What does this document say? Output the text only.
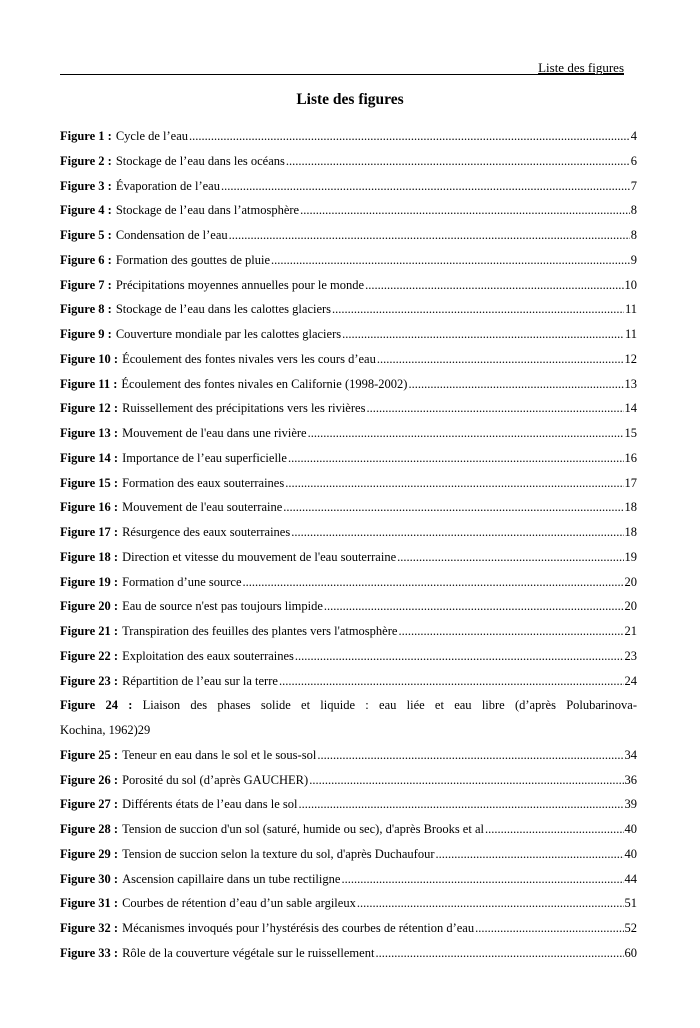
Liste des figures
Liste des figures
Figure 1 : Cycle de l’eau .....	4
Figure 2 : Stockage de l’eau dans les océans .....	6
Figure 3 : Évaporation de l’eau .....	7
Figure 4 : Stockage de l’eau dans l’atmosphère .....	8
Figure 5 : Condensation de l’eau .....	8
Figure 6 : Formation des gouttes de pluie .....	9
Figure 7 : Précipitations moyennes annuelles pour le monde .....	10
Figure 8 : Stockage de l’eau dans les calottes glaciers .....	11
Figure 9 : Couverture mondiale par les calottes glaciers .....	11
Figure 10 : Écoulement des fontes nivales vers les cours d’eau .....	12
Figure 11 : Écoulement des fontes nivales en Californie (1998-2002) .....	13
Figure 12 : Ruissellement des précipitations vers les rivières .....	14
Figure 13 : Mouvement de l'eau dans une rivière .....	15
Figure 14 : Importance de l’eau superficielle .....	16
Figure 15 : Formation des eaux souterraines .....	17
Figure 16 : Mouvement de l'eau souterraine .....	18
Figure 17 : Résurgence des eaux souterraines .....	18
Figure 18 : Direction et vitesse du mouvement de l'eau souterraine .....	19
Figure 19 : Formation d’une source .....	20
Figure 20 : Eau de source n'est pas toujours limpide .....	20
Figure 21 : Transpiration des feuilles des plantes vers l'atmosphère .....	21
Figure 22 : Exploitation des eaux souterraines .....	23
Figure 23 : Répartition de l’eau sur la terre .....	24
Figure 24 : Liaison des phases solide et liquide : eau liée et eau libre (d’après Polubarinova-
Kochina, 1962) 29
Figure 25 : Teneur en eau dans le sol et le sous-sol .....	34
Figure 26 : Porosité du sol (d’après GAUCHER) .....	36
Figure 27 : Différents états de l’eau dans le sol .....	39
Figure 28 : Tension de succion d'un sol (saturé, humide ou sec), d'après Brooks et al .....	40
Figure 29 : Tension de succion selon la texture du sol, d'après Duchaufour .....	40
Figure 30 : Ascension capillaire dans un tube rectiligne .....	44
Figure 31 : Courbes de rétention d’eau d’un sable argileux .....	51
Figure 32 : Mécanismes invoqués pour l’hystérésis des courbes de rétention d’eau .....	52
Figure 33 : Rôle de la couverture végétale sur le ruissellement .....	60
